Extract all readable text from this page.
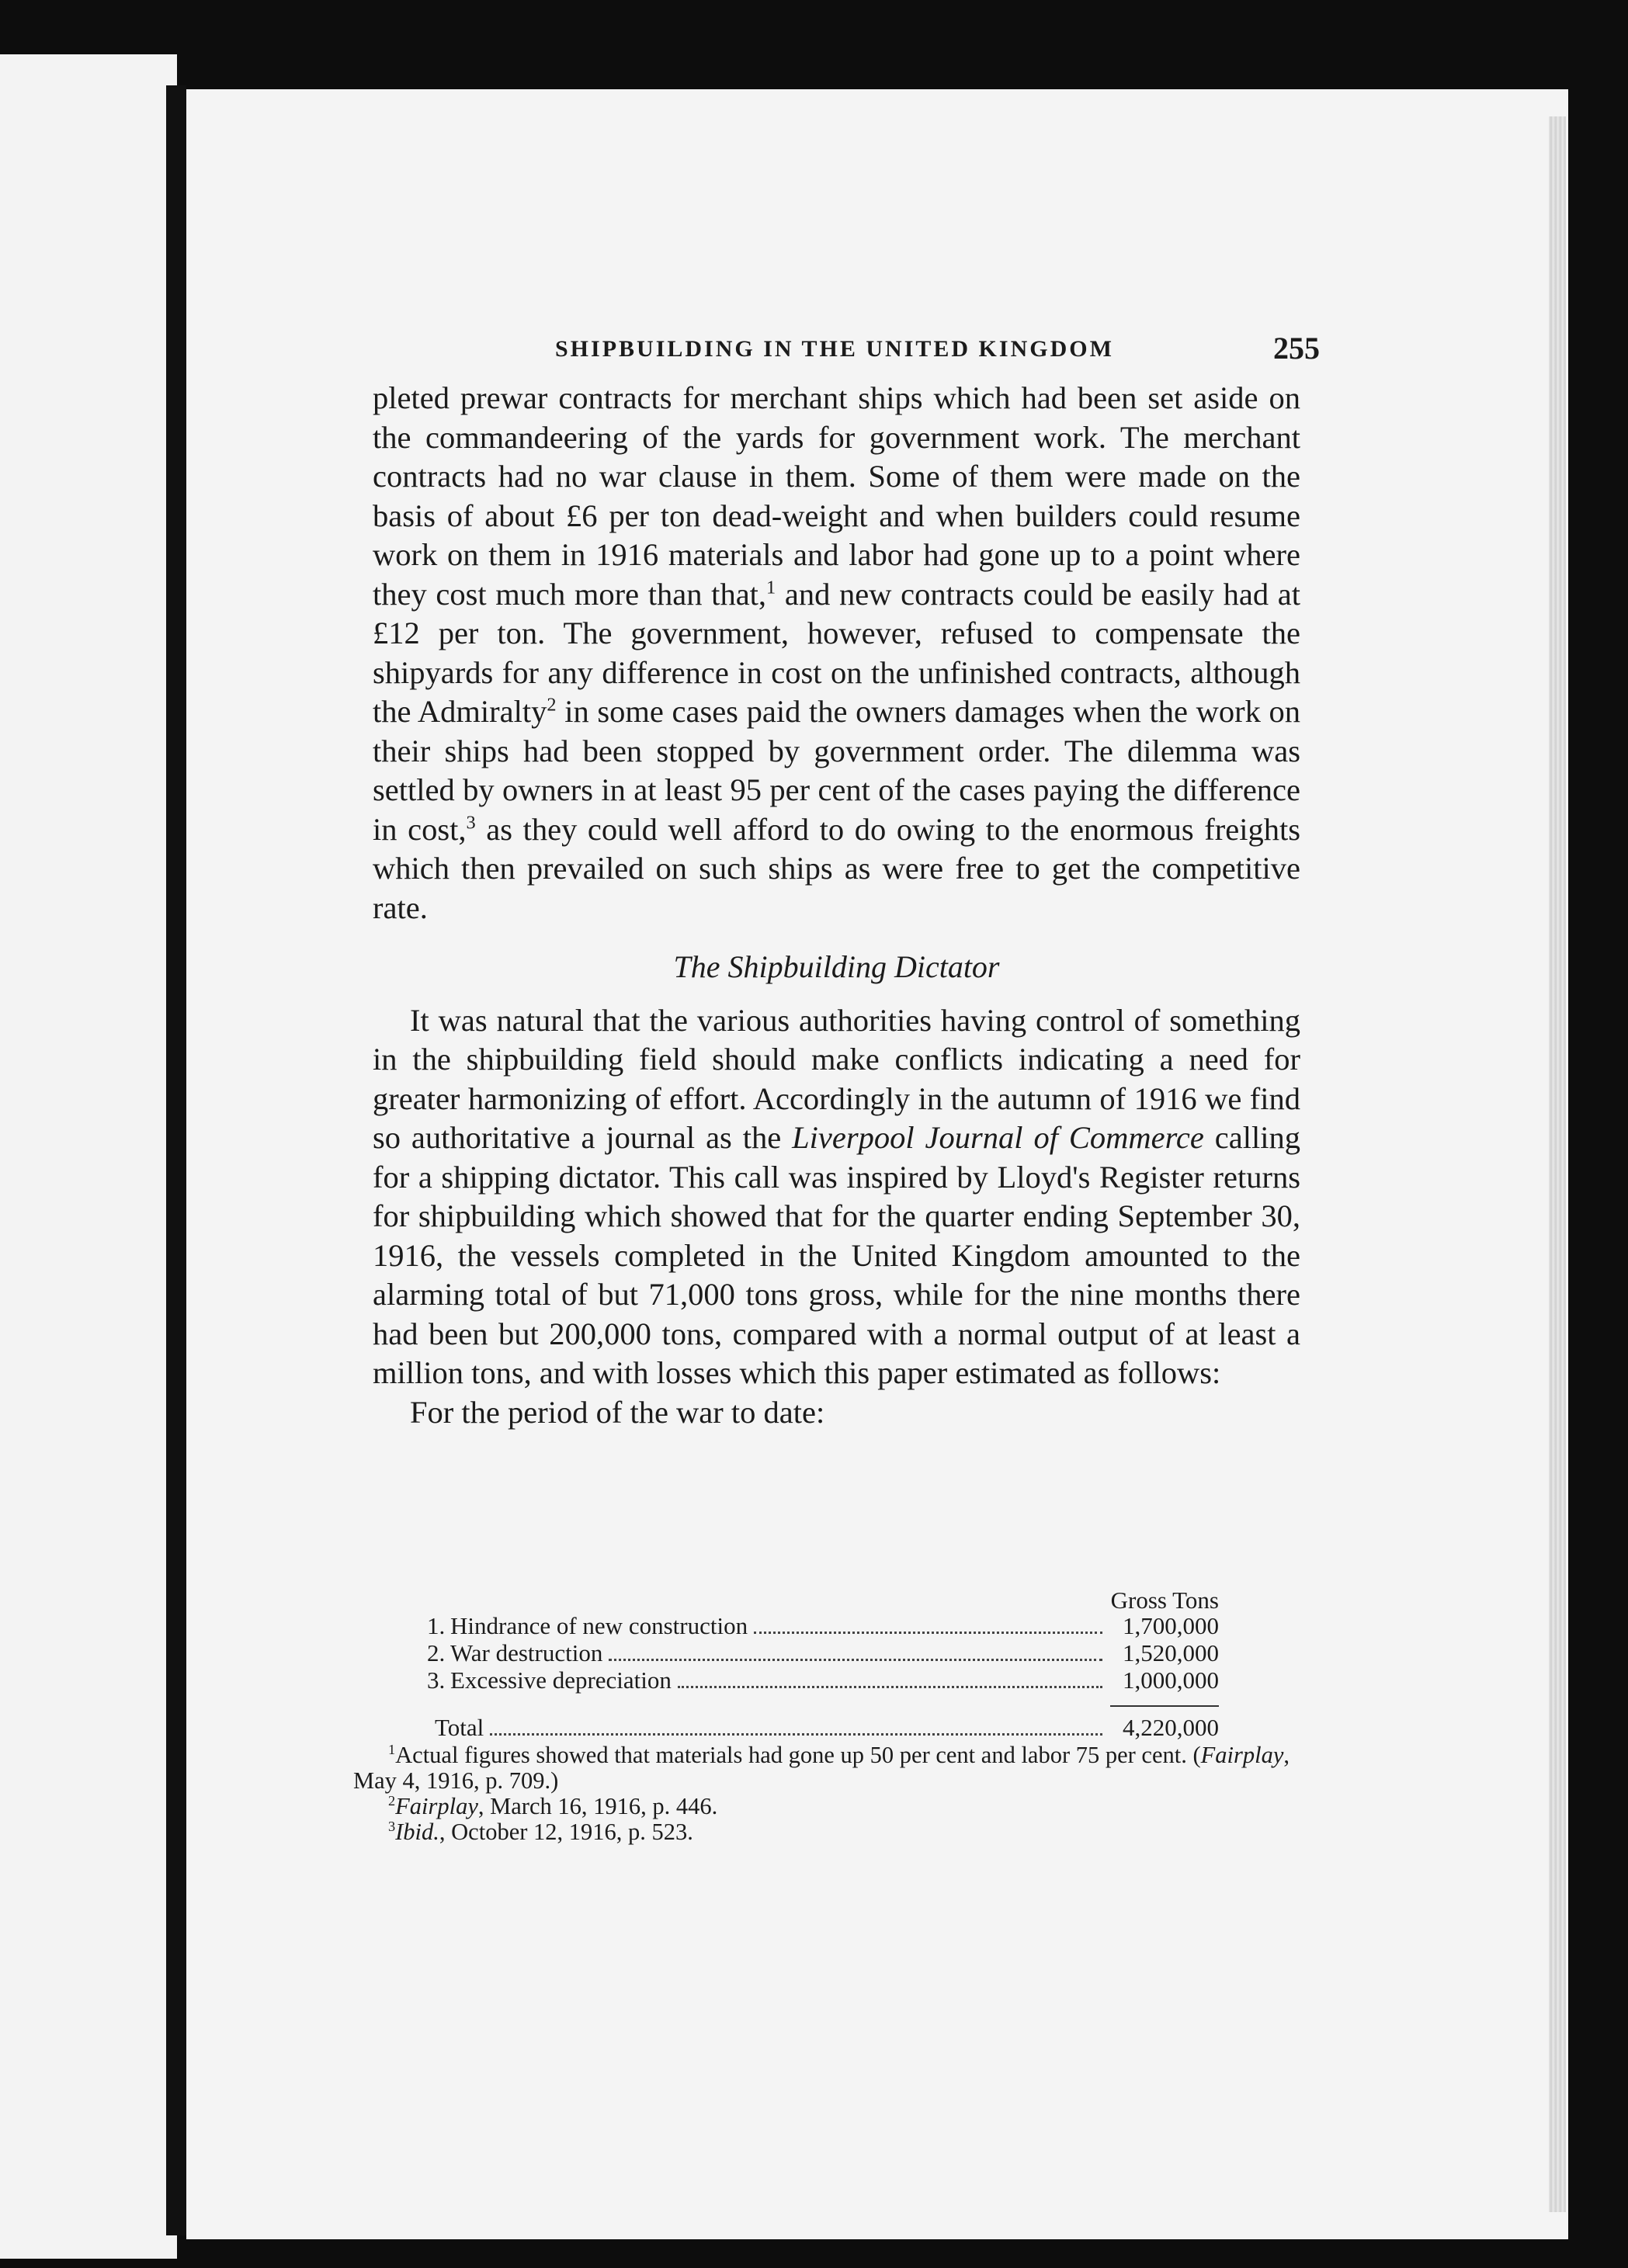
SHIPBUILDING IN THE UNITED KINGDOM	255

pleted prewar contracts for merchant ships which had been set aside on the commandeering of the yards for government work. The merchant contracts had no war clause in them. Some of them were made on the basis of about £6 per ton dead-weight and when builders could resume work on them in 1916 materials and labor had gone up to a point where they cost much more than that,$^1$ and new contracts could be easily had at £12 per ton. The government, however, refused to compensate the shipyards for any difference in cost on the unfinished contracts, although the Admiralty$^2$ in some cases paid the owners damages when the work on their ships had been stopped by government order. The dilemma was settled by owners in at least 95 per cent of the cases paying the difference in cost,$^3$ as they could well afford to do owing to the enormous freights which then prevailed on such ships as were free to get the competitive rate.

The Shipbuilding Dictator

It was natural that the various authorities having control of something in the shipbuilding field should make conflicts indicating a need for greater harmonizing of effort. Accordingly in the autumn of 1916 we find so authoritative a journal as the Liverpool Journal of Commerce calling for a shipping dictator. This call was inspired by Lloyd's Register returns for shipbuilding which showed that for the quarter ending September 30, 1916, the vessels completed in the United Kingdom amounted to the alarming total of but 71,000 tons gross, while for the nine months there had been but 200,000 tons, compared with a normal output of at least a million tons, and with losses which this paper estimated as follows:

For the period of the war to date:

Gross Tons
1. Hindrance of new construction	1,700,000
2. War destruction	1,520,000
3. Excessive depreciation	1,000,000
Total	4,220,000

$^1$Actual figures showed that materials had gone up 50 per cent and labor 75 per cent. (Fairplay, May 4, 1916, p. 709.)

$^2$Fairplay, March 16, 1916, p. 446.

$^3$Ibid., October 12, 1916, p. 523.
